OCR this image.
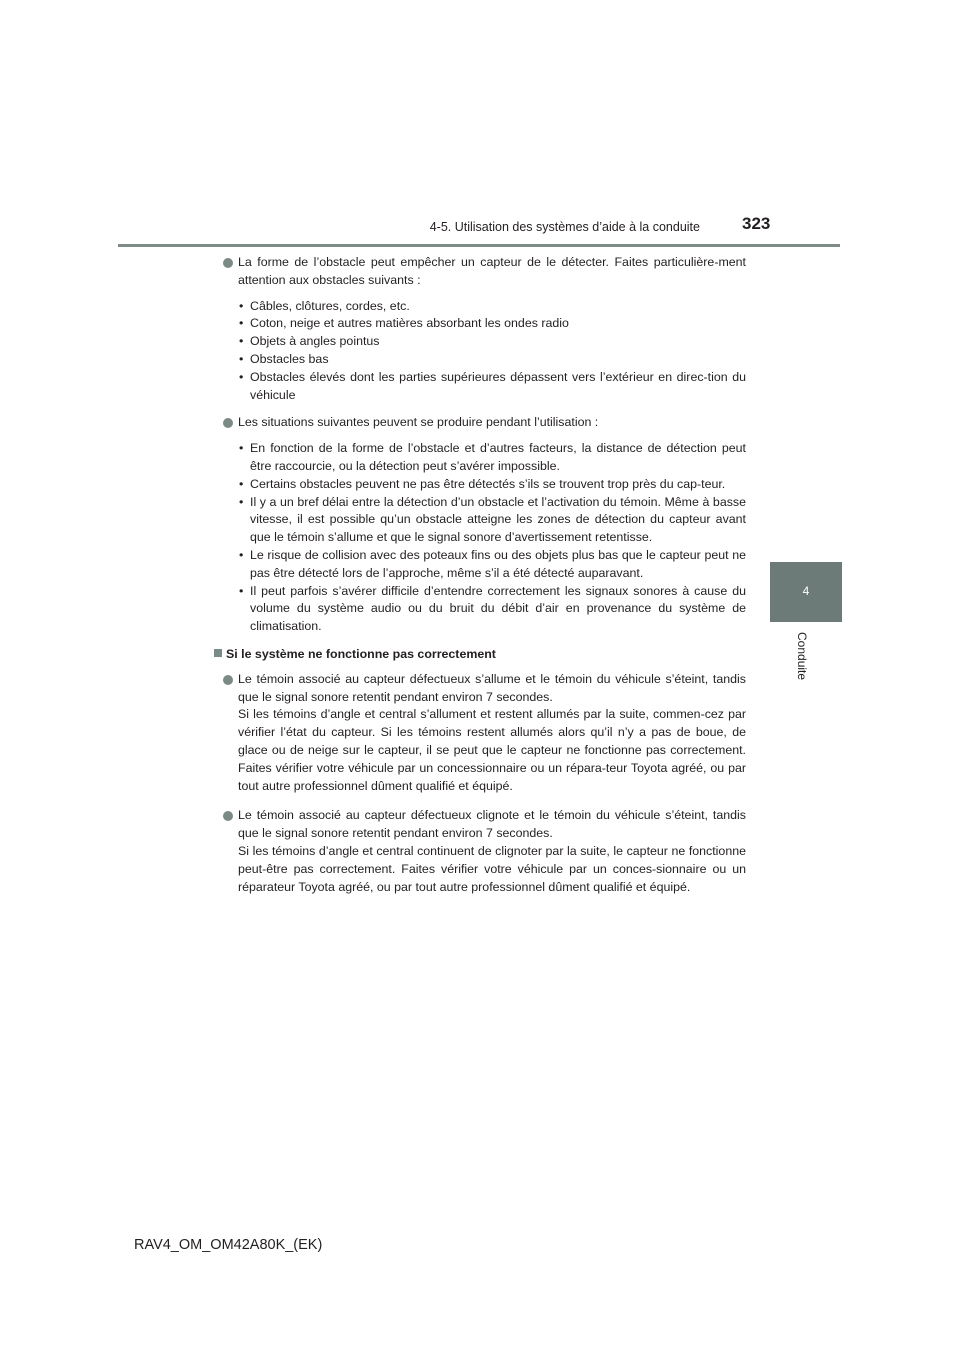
4-5. Utilisation des systèmes d’aide à la conduite 323
4
Conduite
La forme de l’obstacle peut empêcher un capteur de le détecter. Faites particulière-ment attention aux obstacles suivants :
• Câbles, clôtures, cordes, etc.
• Coton, neige et autres matières absorbant les ondes radio
• Objets à angles pointus
• Obstacles bas
• Obstacles élevés dont les parties supérieures dépassent vers l’extérieur en direc-tion du véhicule
Les situations suivantes peuvent se produire pendant l’utilisation :
• En fonction de la forme de l’obstacle et d’autres facteurs, la distance de détection peut être raccourcie, ou la détection peut s’avérer impossible.
• Certains obstacles peuvent ne pas être détectés s’ils se trouvent trop près du cap-teur.
• Il y a un bref délai entre la détection d’un obstacle et l’activation du témoin. Même à basse vitesse, il est possible qu’un obstacle atteigne les zones de détection du capteur avant que le témoin s’allume et que le signal sonore d’avertissement retentisse.
• Le risque de collision avec des poteaux fins ou des objets plus bas que le capteur peut ne pas être détecté lors de l’approche, même s’il a été détecté auparavant.
• Il peut parfois s’avérer difficile d’entendre correctement les signaux sonores à cause du volume du système audio ou du bruit du débit d’air en provenance du système de climatisation.
Si le système ne fonctionne pas correctement
Le témoin associé au capteur défectueux s’allume et le témoin du véhicule s’éteint, tandis que le signal sonore retentit pendant environ 7 secondes.
Si les témoins d’angle et central s’allument et restent allumés par la suite, commen-cez par vérifier l’état du capteur. Si les témoins restent allumés alors qu’il n’y a pas de boue, de glace ou de neige sur le capteur, il se peut que le capteur ne fonctionne pas correctement. Faites vérifier votre véhicule par un concessionnaire ou un répara-teur Toyota agréé, ou par tout autre professionnel dûment qualifié et équipé.
Le témoin associé au capteur défectueux clignote et le témoin du véhicule s’éteint, tandis que le signal sonore retentit pendant environ 7 secondes.
Si les témoins d’angle et central continuent de clignoter par la suite, le capteur ne fonctionne peut-être pas correctement. Faites vérifier votre véhicule par un conces-sionnaire ou un réparateur Toyota agréé, ou par tout autre professionnel dûment qualifié et équipé.
RAV4_OM_OM42A80K_(EK)
